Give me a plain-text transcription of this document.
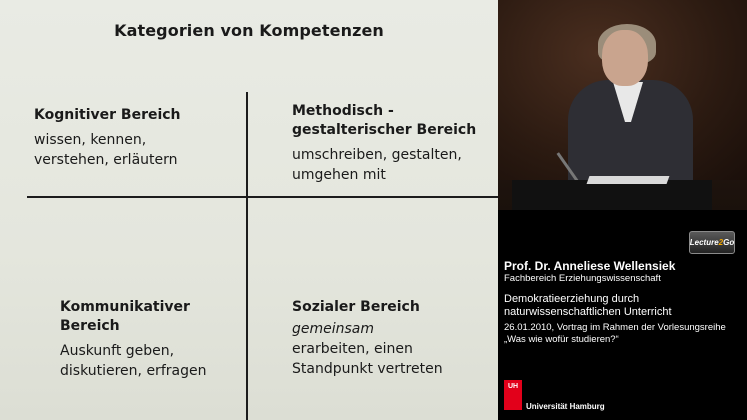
Kategorien von Kompetenzen
Kognitiver Bereich
wissen, kennen,
verstehen, erläutern
Methodisch -
gestalterischer Bereich
umschreiben, gestalten,
umgehen mit
Kommunikativer
Bereich
Auskunft geben,
diskutieren, erfragen
Sozialer Bereich
gemeinsam
erarbeiten, einen
Standpunkt vertreten
Lecture 2 Go
Prof. Dr. Anneliese Wellensiek
Fachbereich Erziehungswissenschaft
Demokratieerziehung durch
naturwissenschaftlichen Unterricht
26.01.2010, Vortrag im Rahmen der Vorlesungsreihe
„Was wie wofür studieren?“
UH
Universität Hamburg
